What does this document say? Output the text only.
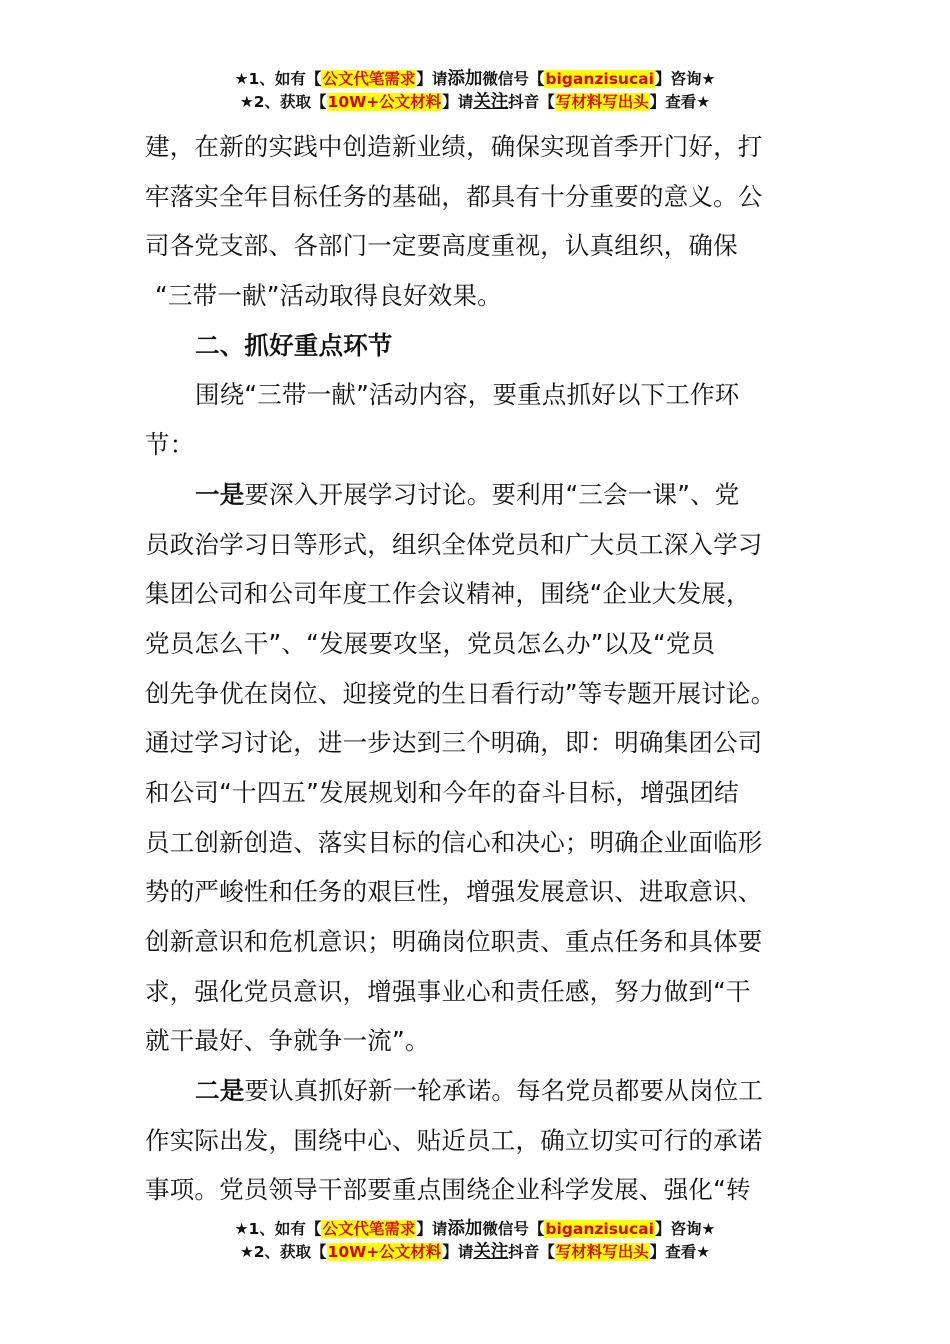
★1、如有【公文代笔需求】请添加微信号【biganzisucai】咨询★
★2、获取【10W+公文材料】请关注抖音【写材料写出头】查看★
建，在新的实践中创造新业绩，确保实现首季开门好，打
牢落实全年目标任务的基础，都具有十分重要的意义。公
司各党支部、各部门一定要高度重视，认真组织，确保
“三带一献”活动取得良好效果。
二、抓好重点环节
围绕“三带一献”活动内容，要重点抓好以下工作环
节：
一是要深入开展学习讨论。要利用“三会一课”、党
员政治学习日等形式，组织全体党员和广大员工深入学习
集团公司和公司年度工作会议精神，围绕“企业大发展，
党员怎么干”、“发展要攻坚，党员怎么办”以及“党员
创先争优在岗位、迎接党的生日看行动”等专题开展讨论。
通过学习讨论，进一步达到三个明确，即：明确集团公司
和公司“十四五”发展规划和今年的奋斗目标，增强团结
员工创新创造、落实目标的信心和决心；明确企业面临形
势的严峻性和任务的艰巨性，增强发展意识、进取意识、
创新意识和危机意识；明确岗位职责、重点任务和具体要
求，强化党员意识，增强事业心和责任感，努力做到“干
就干最好、争就争一流”。
二是要认真抓好新一轮承诺。每名党员都要从岗位工
作实际出发，围绕中心、贴近员工，确立切实可行的承诺
事项。党员领导干部要重点围绕企业科学发展、强化“转
★1、如有【公文代笔需求】请添加微信号【biganzisucai】咨询★
★2、获取【10W+公文材料】请关注抖音【写材料写出头】查看★
